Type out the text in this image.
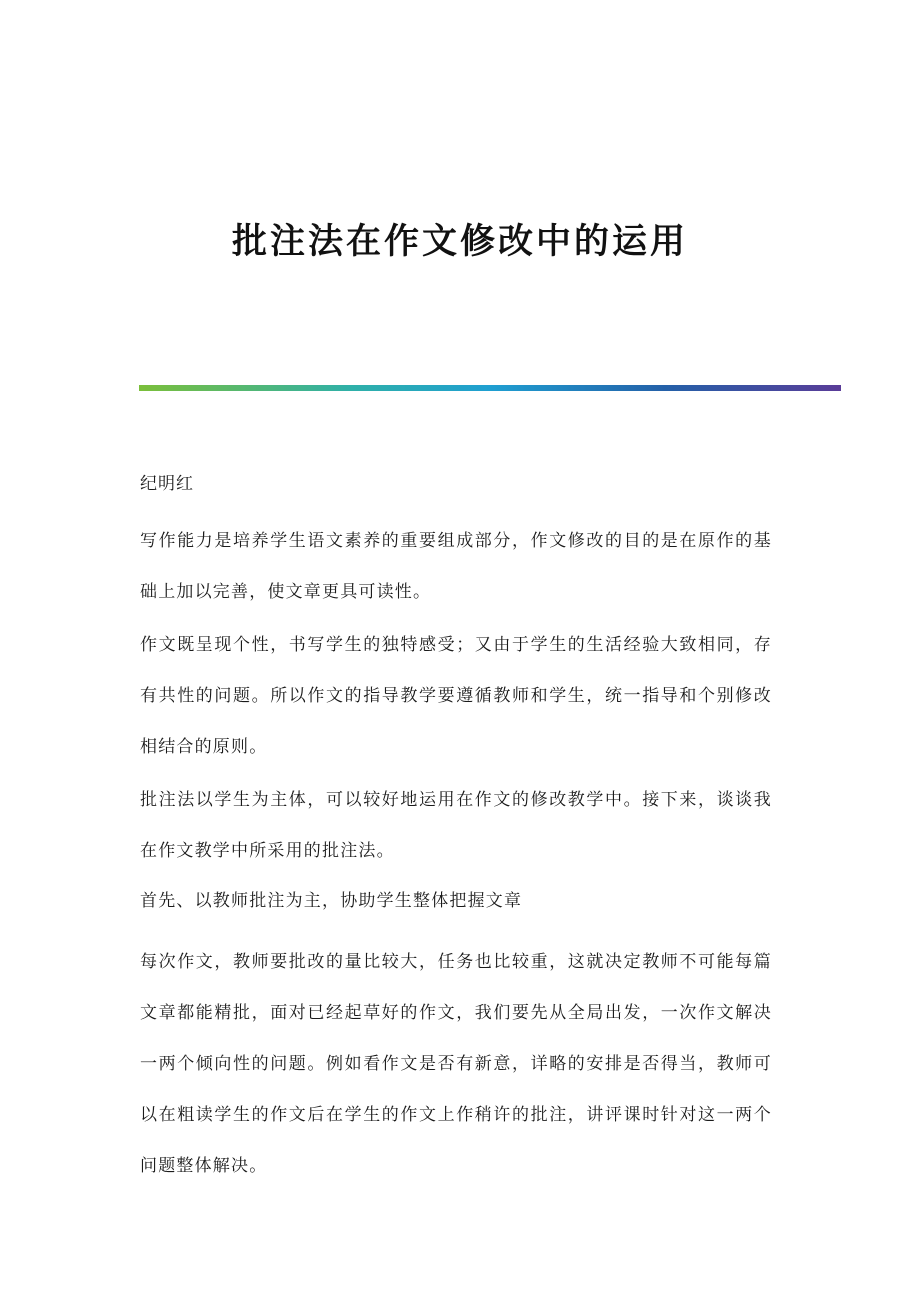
批注法在作文修改中的运用

纪明红

写作能力是培养学生语文素养的重要组成部分，作文修改的目的是在原作的基础上加以完善，使文章更具可读性。

作文既呈现个性，书写学生的独特感受；又由于学生的生活经验大致相同，存有共性的问题。所以作文的指导教学要遵循教师和学生，统一指导和个别修改相结合的原则。

批注法以学生为主体，可以较好地运用在作文的修改教学中。接下来，谈谈我在作文教学中所采用的批注法。

首先、以教师批注为主，协助学生整体把握文章

每次作文，教师要批改的量比较大，任务也比较重，这就决定教师不可能每篇文章都能精批，面对已经起草好的作文，我们要先从全局出发，一次作文解决一两个倾向性的问题。例如看作文是否有新意，详略的安排是否得当，教师可以在粗读学生的作文后在学生的作文上作稍许的批注，讲评课时针对这一两个问题整体解决。
